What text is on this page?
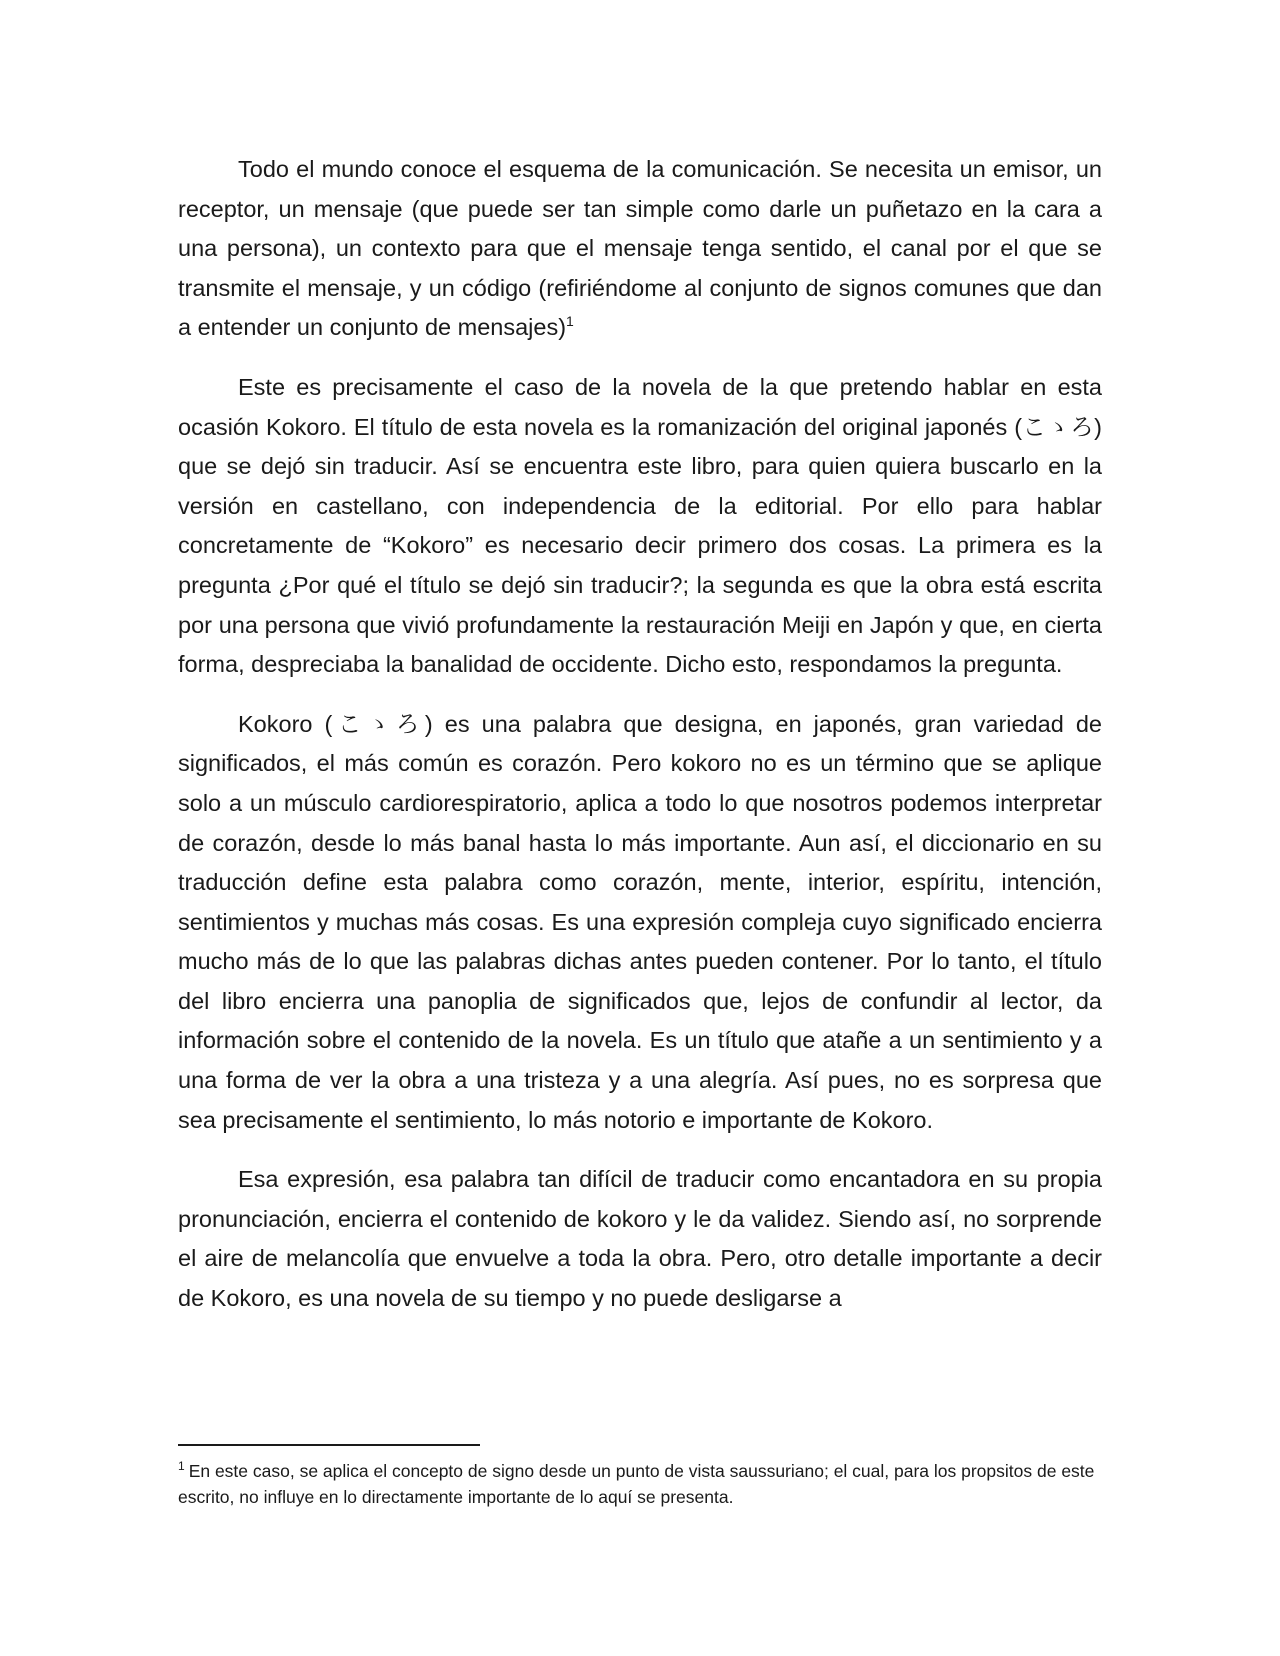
Todo el mundo conoce el esquema de la comunicación. Se necesita un emisor, un receptor, un mensaje (que puede ser tan simple como darle un puñetazo en la cara a una persona), un contexto para que el mensaje tenga sentido, el canal por el que se transmite el mensaje, y un código (refiriéndome al conjunto de signos comunes que dan a entender un conjunto de mensajes)$^1$

Este es precisamente el caso de la novela de la que pretendo hablar en esta ocasión Kokoro. El título de esta novela es la romanización del original japonés (こゝろ) que se dejó sin traducir. Así se encuentra este libro, para quien quiera buscarlo en la versión en castellano, con independencia de la editorial. Por ello para hablar concretamente de “Kokoro” es necesario decir primero dos cosas. La primera es la pregunta ¿Por qué el título se dejó sin traducir?; la segunda es que la obra está escrita por una persona que vivió profundamente la restauración Meiji en Japón y que, en cierta forma, despreciaba la banalidad de occidente. Dicho esto, respondamos la pregunta.

Kokoro (こゝろ) es una palabra que designa, en japonés, gran variedad de significados, el más común es corazón. Pero kokoro no es un término que se aplique solo a un músculo cardiorespiratorio, aplica a todo lo que nosotros podemos interpretar de corazón, desde lo más banal hasta lo más importante. Aun así, el diccionario en su traducción define esta palabra como corazón, mente, interior, espíritu, intención, sentimientos y muchas más cosas. Es una expresión compleja cuyo significado encierra mucho más de lo que las palabras dichas antes pueden contener. Por lo tanto, el título del libro encierra una panoplia de significados que, lejos de confundir al lector, da información sobre el contenido de la novela. Es un título que atañe a un sentimiento y a una forma de ver la obra a una tristeza y a una alegría. Así pues, no es sorpresa que sea precisamente el sentimiento, lo más notorio e importante de Kokoro.

Esa expresión, esa palabra tan difícil de traducir como encantadora en su propia pronunciación, encierra el contenido de kokoro y le da validez. Siendo así, no sorprende el aire de melancolía que envuelve a toda la obra. Pero, otro detalle importante a decir de Kokoro, es una novela de su tiempo y no puede desligarse a

$^1$ En este caso, se aplica el concepto de signo desde un punto de vista saussuriano; el cual, para los propsitos de este escrito, no influye en lo directamente importante de lo aquí se presenta.
